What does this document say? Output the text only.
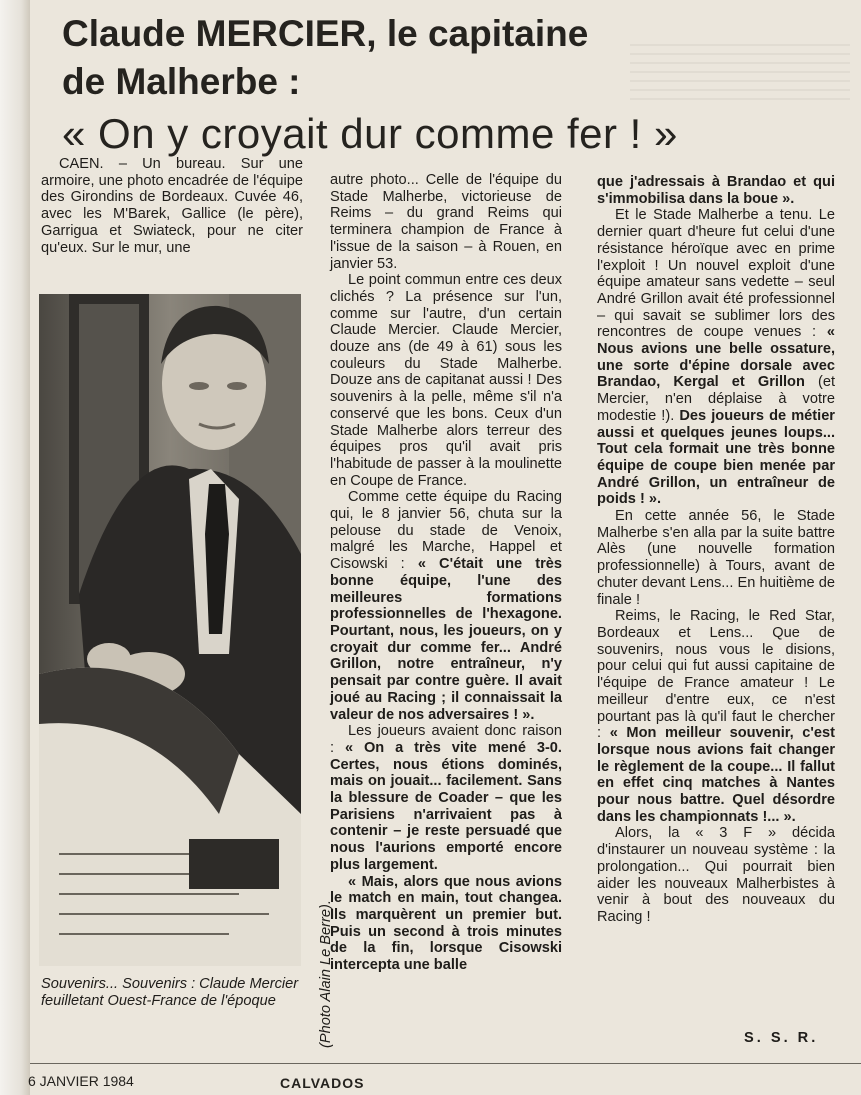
Claude MERCIER, le capitaine
de Malherbe :
« On y croyait dur comme fer ! »

CAEN. – Un bureau. Sur une armoire, une photo encadrée de l'équipe des Girondins de Bordeaux. Cuvée 46, avec les M'Barek, Gallice (le père), Garrigua et Swiateck, pour ne citer qu'eux. Sur le mur, une

Souvenirs... Souvenirs : Claude Mercier feuilletant Ouest-France de l'époque	(Photo Alain Le Berre).

autre photo... Celle de l'équipe du Stade Malherbe, victorieuse de Reims – du grand Reims qui terminera champion de France à l'issue de la saison – à Rouen, en janvier 53.

Le point commun entre ces deux clichés ? La présence sur l'un, comme sur l'autre, d'un certain Claude Mercier. Claude Mercier, douze ans (de 49 à 61) sous les couleurs du Stade Malherbe. Douze ans de capitanat aussi ! Des souvenirs à la pelle, même s'il n'a conservé que les bons. Ceux d'un Stade Malherbe alors terreur des équipes pros qu'il avait pris l'habitude de passer à la moulinette en Coupe de France.

Comme cette équipe du Racing qui, le 8 janvier 56, chuta sur la pelouse du stade de Venoix, malgré les Marche, Happel et Cisowski : « C'était une très bonne équipe, l'une des meilleures formations professionnelles de l'hexagone. Pourtant, nous, les joueurs, on y croyait dur comme fer... André Grillon, notre entraîneur, n'y pensait par contre guère. Il avait joué au Racing ; il connaissait la valeur de nos adversaires ! ».

Les joueurs avaient donc raison : « On a très vite mené 3-0. Certes, nous étions dominés, mais on jouait... facilement. Sans la blessure de Coader – que les Parisiens n'arrivaient pas à contenir – je reste persuadé que nous l'aurions emporté encore plus largement.

« Mais, alors que nous avions le match en main, tout changea. Ils marquèrent un premier but. Puis un second à trois minutes de la fin, lorsque Cisowski intercepta une balle

que j'adressais à Brandao et qui s'immobilisa dans la boue ».

Et le Stade Malherbe a tenu. Le dernier quart d'heure fut celui d'une résistance héroïque avec en prime l'exploit ! Un nouvel exploit d'une équipe amateur sans vedette – seul André Grillon avait été professionnel – qui savait se sublimer lors des rencontres de coupe venues : « Nous avions une belle ossature, une sorte d'épine dorsale avec Brandao, Kergal et Grillon (et Mercier, n'en déplaise à votre modestie !). Des joueurs de métier aussi et quelques jeunes loups... Tout cela formait une très bonne équipe de coupe bien menée par André Grillon, un entraîneur de poids ! ».

En cette année 56, le Stade Malherbe s'en alla par la suite battre Alès (une nouvelle formation professionnelle) à Tours, avant de chuter devant Lens... En huitième de finale !

Reims, le Racing, le Red Star, Bordeaux et Lens... Que de souvenirs, nous vous le disions, pour celui qui fut aussi capitaine de l'équipe de France amateur ! Le meilleur d'entre eux, ce n'est pourtant pas là qu'il faut le chercher : « Mon meilleur souvenir, c'est lorsque nous avions fait changer le règlement de la coupe... Il fallut en effet cinq matches à Nantes pour nous battre. Quel désordre dans les championnats !... ».

Alors, la « 3 F » décida d'instaurer un nouveau système : la prolongation... Qui pourrait bien aider les nouveaux Malherbistes à venir à bout des nouveaux du Racing !

S. S. R.
6 JANVIER 1984	CALVADOS
